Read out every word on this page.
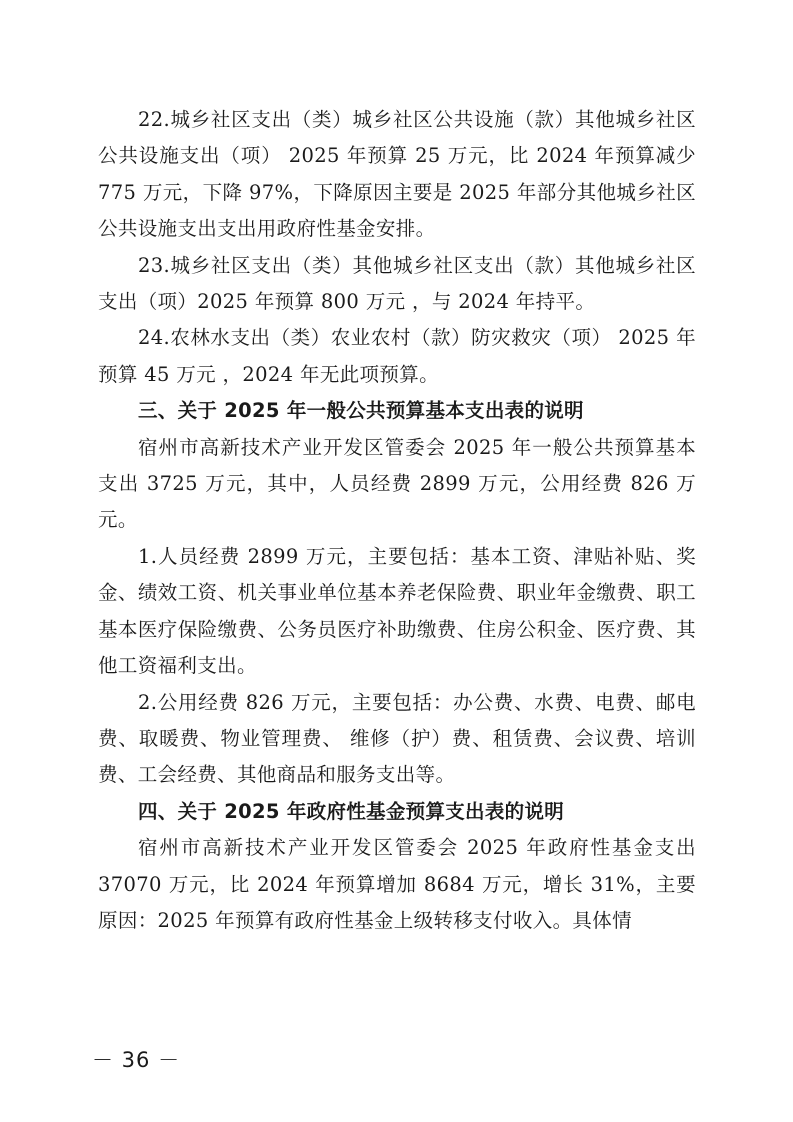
22.城乡社区支出（类）城乡社区公共设施（款）其他城乡社区公共设施支出（项） 2025 年预算 25 万元，比 2024 年预算减少 775 万元，下降 97%，下降原因主要是 2025 年部分其他城乡社区公共设施支出支出用政府性基金安排。

23.城乡社区支出（类）其他城乡社区支出（款）其他城乡社区支出（项）2025 年预算 800 万元 ，与 2024 年持平。

24.农林水支出（类）农业农村（款）防灾救灾（项） 2025 年预算 45 万元 ，2024 年无此项预算。

三、关于 2025 年一般公共预算基本支出表的说明

宿州市高新技术产业开发区管委会 2025 年一般公共预算基本支出 3725 万元，其中，人员经费 2899 万元，公用经费 826 万元。

1.人员经费 2899 万元，主要包括：基本工资、津贴补贴、奖金、绩效工资、机关事业单位基本养老保险费、职业年金缴费、职工基本医疗保险缴费、公务员医疗补助缴费、住房公积金、医疗费、其他工资福利支出。

2.公用经费 826 万元，主要包括：办公费、水费、电费、邮电费、取暖费、物业管理费、 维修（护）费、租赁费、会议费、培训费、工会经费、其他商品和服务支出等。

四、关于 2025 年政府性基金预算支出表的说明

宿州市高新技术产业开发区管委会 2025 年政府性基金支出 37070 万元，比 2024 年预算增加 8684 万元，增长 31%，主要原因：2025 年预算有政府性基金上级转移支付收入。具体情

－ 36 －
